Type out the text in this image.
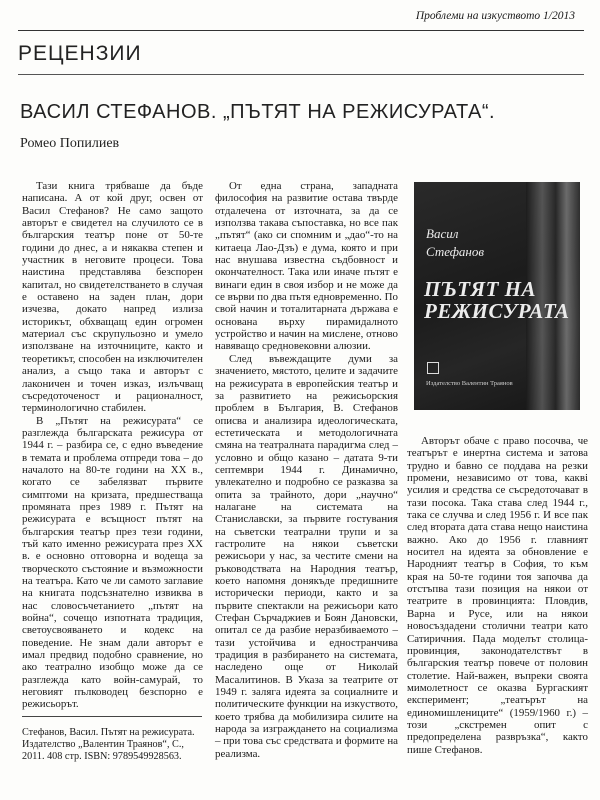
Проблеми на изкуството 1/2013
РЕЦЕНЗИИ
ВАСИЛ СТЕФАНОВ. „ПЪТЯТ НА РЕЖИСУРАТА“.
Ромео Попилиев

Тази книга трябваше да бъде написана. А от кой друг, освен от Васил Стефанов? Не само защото авторът е свидетел на случилото се в българския театър поне от 50-те години до днес, а и някаква степен и участник в неговите процеси. Това наистина представлява безспорен капитал, но свидетелстването в случая е оставено на заден план, дори изчезва, докато напред излиза историкът, обхващащ един огромен материал със скрупульозно и умело използване на източниците, както и теоретикът, способен на изключителен анализ, а също така и авторът с лаконичен и точен изказ, излъчващ съсредоточеност и рационалност, терминологично стабилен.

В „Пътят на режисурата“ се разглежда българската режисура от 1944 г. – разбира се, с едно въведение в темата и проблема отпреди това – до началото на 80-те години на ХХ в., когато се забелязват първите симптоми на кризата, предшестваща промяната през 1989 г. Пътят на режисурата е всъщност пътят на българския театър през тези години, тъй като именно режисурата през ХХ в. е основно отговорна и водеща за творческото състояние и възможности на театъра. Като че ли самото заглавие на книгата подсъзнателно извиква в нас словосъчетанието „пътят на война“, сочещо изпотната традиция, светоусвояването и кодекс на поведение. Не знам дали авторът е имал предвид подобно сравнение, но ако театрално изобщо може да се разглежда като войн-самурай, то неговият пълководец безспорно е режисьорът.

От една страна, западната философия на развитие остава твърде отдалечена от източната, за да се използва такава съпоставка, но все пак „пътят“ (ако си спомним и „дао“-то на китаеца Лао-Дзъ) е дума, която и при нас внушава известна съдбовност и окончателност. Така или иначе пътят е винаги един в своя избор и не може да се върви по два пътя едновременно. По свой начин и тоталитарната държава е основана върху пирамидалното устройство и начин на мислене, отново навяващо средновековни алюзии.

След въвеждащите думи за значението, мястото, целите и задачите на режисурата в европейския театър и за развитието на режисьорския проблем в България, В. Стефанов описва и анализира идеологическата, естетическата и методологичната смяна на театралната парадигма след – условно и общо казано – датата 9-ти септември 1944 г. Динамично, увлекателно и подробно се разказва за опита за трайното, дори „научно“ налагане на системата на Станиславски, за първите гостувания на съветски театрални трупи и за гастролите на някои съветски режисьори у нас, за честите смени на ръководствата на Народния театър, което напомня донякъде предишните исторически периоди, както и за първите спектакли на режисьори като Стефан Сърчаджиев и Боян Дановски, опитал се да разбие неразбиваемото – тази устойчива и едностранчива традиция в разбирането на системата, наследено още от Николай Масалитинов. В Указа за театрите от 1949 г. залягa идеята за социалните и политическите функции на изкуството, което трябва да мобилизира силите на народа за изграждането на социализма – при това със средствата и формите на реализма.

Васил
Стефанов
ПЪТЯТ НА
РЕЖИСУРАТА
Издателство Валентин Траянов

Авторът обаче с право посочва, че театърът е инертна система и затова трудно и бавно се поддава на резки промени, независимо от това, каквi усилия и средства се съсредоточават в тази посока. Така става след 1944 г., така се случва и след 1956 г. И все пак след втората дата става нещо наистина важно. Ако до 1956 г. главният носител на идеята за обновление е Народният театър в София, то към края на 50-те години тоя започва да отстъпва тази позиция на някои от театрите в провинцията: Пловдив, Варна и Русе, или на някои новосъздадени столични театри като Сатиричния. Пада моделът столица-провинция, законодателствът в българския театър повече от половин столетие. Най-важен, въпреки своята мимолетност се оказва Бургаският експеримент; „театърът на единомишлениците“ (1959/1960 г.) – този „скстремен опит с предопределена развръзка“, както пише Стефанов.

Стефанов, Васил. Пътят на режисурата. Издателство „Валентин Траянов“, С., 2011. 408 стр. ISBN: 9789549928563.
